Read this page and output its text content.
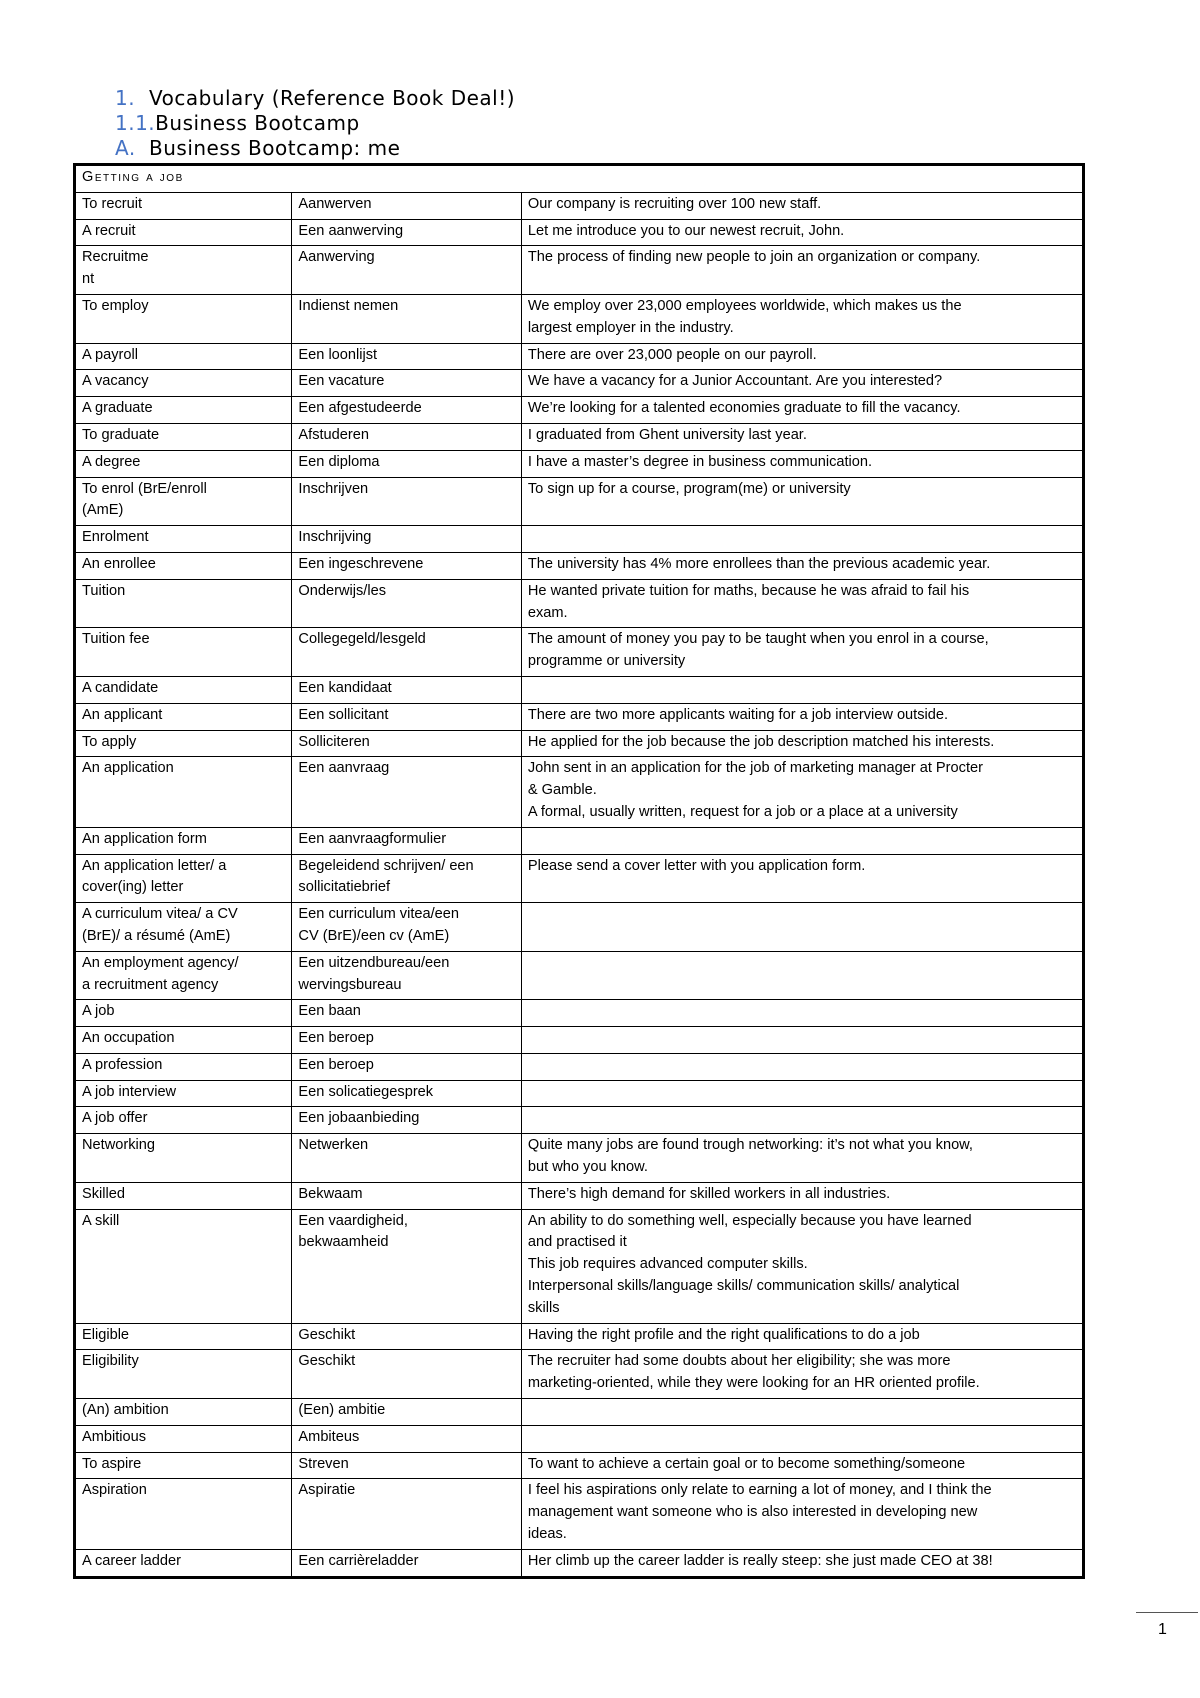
1. Vocabulary (Reference Book Deal!)
1.1.Business Bootcamp
A. Business Bootcamp: me
Getting a job		

To recruit	Aanwerven	Our company is recruiting over 100 new staff.

A recruit	Een aanwerving	Let me introduce you to our newest recruit, John.

Recruitme
nt	Aanwerving	The process of finding new people to join an organization or company.

To employ	Indienst nemen	We employ over 23,000 employees worldwide, which makes us the
largest employer in the industry.

A payroll	Een loonlijst	There are over 23,000 people on our payroll.

A vacancy	Een vacature	We have a vacancy for a Junior Accountant. Are you interested?

A graduate	Een afgestudeerde	We’re looking for a talented economies graduate to fill the vacancy.

To graduate	Afstuderen	I graduated from Ghent university last year.

A degree	Een diploma	I have a master’s degree in business communication.

To enrol (BrE/enroll
(AmE)	Inschrijven	To sign up for a course, program(me) or university

Enrolment	Inschrijving	

An enrollee	Een ingeschrevene	The university has 4% more enrollees than the previous academic year.

Tuition	Onderwijs/les	He wanted private tuition for maths, because he was afraid to fail his
exam.

Tuition fee	Collegegeld/lesgeld	The amount of money you pay to be taught when you enrol in a course,
programme or university

A candidate	Een kandidaat	

An applicant	Een sollicitant	There are two more applicants waiting for a job interview outside.

To apply	Solliciteren	He applied for the job because the job description matched his interests.

An application	Een aanvraag	John sent in an application for the job of marketing manager at Procter
& Gamble.
A formal, usually written, request for a job or a place at a university

An application form	Een aanvraagformulier	

An application letter/ a
cover(ing) letter	Begeleidend schrijven/ een
sollicitatiebrief	Please send a cover letter with you application form.

A curriculum vitea/ a CV
(BrE)/ a résumé (AmE)	Een curriculum vitea/een
CV (BrE)/een cv (AmE)	

An employment agency/
a recruitment agency	Een uitzendbureau/een
wervingsbureau	

A job	Een baan	

An occupation	Een beroep	

A profession	Een beroep	

A job interview	Een solicatiegesprek	

A job offer	Een jobaanbieding	

Networking	Netwerken	Quite many jobs are found trough networking: it’s not what you know,
but who you know.

Skilled	Bekwaam	There’s high demand for skilled workers in all industries.

A skill	Een vaardigheid,
bekwaamheid	An ability to do something well, especially because you have learned
and practised it
This job requires advanced computer skills.
Interpersonal skills/language skills/ communication skills/ analytical
skills

Eligible	Geschikt	Having the right profile and the right qualifications to do a job

Eligibility	Geschikt	The recruiter had some doubts about her eligibility; she was more
marketing-oriented, while they were looking for an HR oriented profile.

(An) ambition	(Een) ambitie	

Ambitious	Ambiteus	

To aspire	Streven	To want to achieve a certain goal or to become something/someone

Aspiration	Aspiratie	I feel his aspirations only relate to earning a lot of money, and I think the
management want someone who is also interested in developing new
ideas.

A career ladder	Een carrièreladder	Her climb up the career ladder is really steep: she just made CEO at 38!
1
